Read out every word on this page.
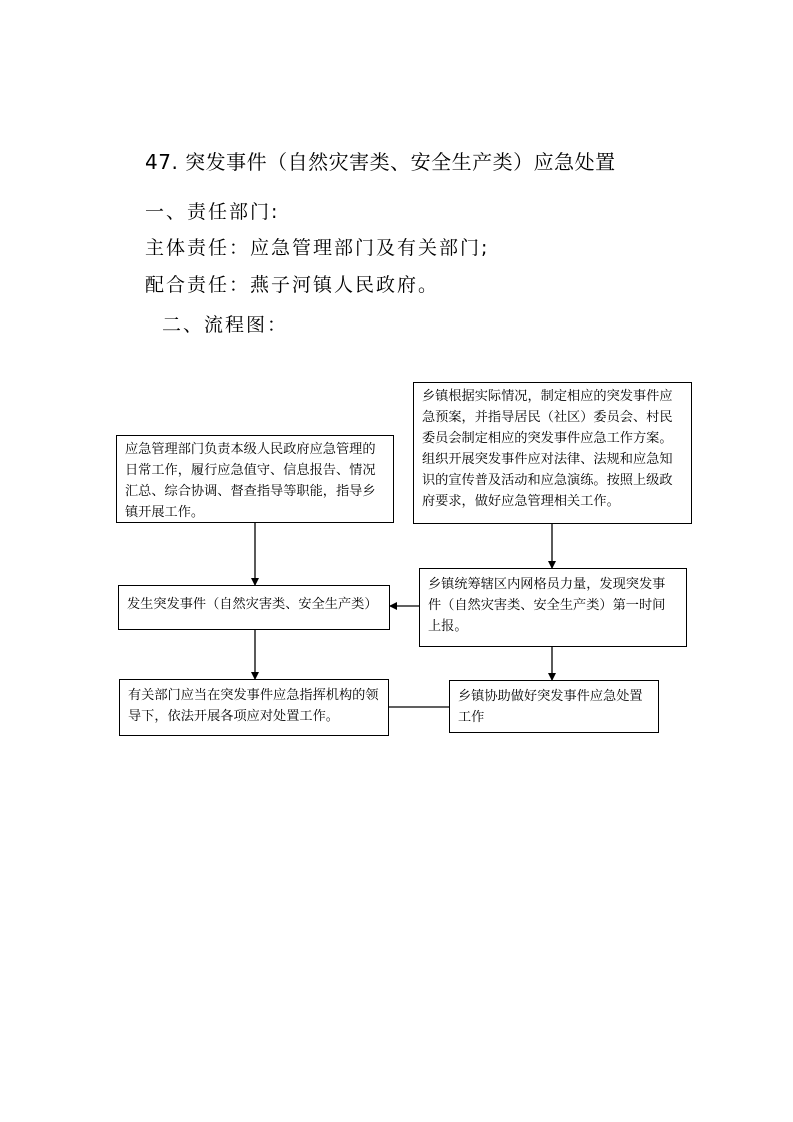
47. 突发事件（自然灾害类、安全生产类）应急处置
一、责任部门:
主体责任：应急管理部门及有关部门;
配合责任：燕子河镇人民政府。
二、流程图：
乡镇根据实际情况，制定相应的突发事件应急预案，并指导居民（社区）委员会、村民委员会制定相应的突发事件应急工作方案。组织开展突发事件应对法律、法规和应急知识的宣传普及活动和应急演练。按照上级政府要求，做好应急管理相关工作。
应急管理部门负责本级人民政府应急管理的日常工作，履行应急值守、信息报告、情况汇总、综合协调、督查指导等职能，指导乡镇开展工作。
发生突发事件（自然灾害类、安全生产类）
乡镇统筹辖区内网格员力量，发现突发事件（自然灾害类、安全生产类）第一时间上报。
有关部门应当在突发事件应急指挥机构的领导下，依法开展各项应对处置工作。
乡镇协助做好突发事件应急处置工作
